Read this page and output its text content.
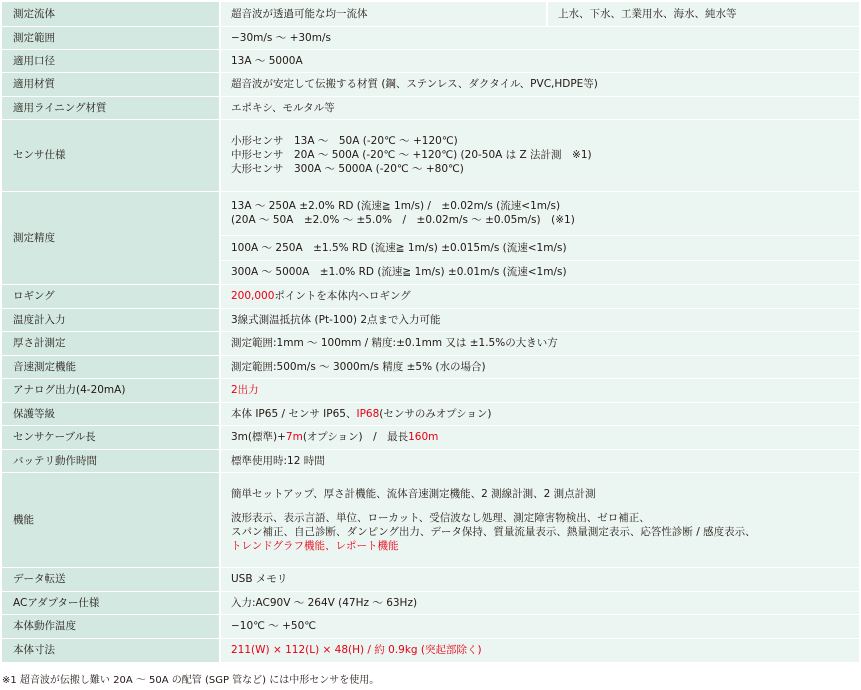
測定流体	超音波が透過可能な均一流体	上水、下水、工業用水、海水、純水等
測定範囲	−30m/s ～ +30m/s	
適用口径	13A ～ 5000A	
適用材質	超音波が安定して伝搬する材質 (鋼、ステンレス、ダクタイル、PVC,HDPE等)	
適用ライニング材質	エポキシ、モルタル等	
センサ仕様	小形センサ　13A ～　50A (-20℃ ～ +120℃)
中形センサ　20A ～ 500A (-20℃ ～ +120℃) (20-50A は Z 法計測　※1)
大形センサ　300A ～ 5000A (-20℃ ～ +80℃)	

測定精度	13A ～ 250A ±2.0% RD (流速≧ 1m/s) /　±0.02m/s (流速<1m/s)
(20A ～ 50A　±2.0% ～ ±5.0%　/　±0.02m/s ～ ±0.05m/s)　(※1)	

	100A ～ 250A　±1.5% RD (流速≧ 1m/s) ±0.015m/s (流速<1m/s)	
	300A ～ 5000A　±1.0% RD (流速≧ 1m/s) ±0.01m/s (流速<1m/s)	
ロギング	200,000ポイントを本体内へロギング	
温度計入力	3線式測温抵抗体 (Pt-100) 2点まで入力可能	
厚さ計測定	測定範囲:1mm ～ 100mm / 精度:±0.1mm 又は ±1.5%の大きい方	
音速測定機能	測定範囲:500m/s ～ 3000m/s 精度 ±5% (水の場合)	
アナログ出力(4-20mA)	2出力	
保護等級	本体 IP65 / センサ IP65、IP68(センサのみオプション)	
センサケーブル長	3m(標準)+7m(オプション)　/　最長160m	
バッテリ動作時間	標準使用時:12 時間	
機能	簡単セットアップ、厚さ計機能、流体音速測定機能、2 測線計測、2 測点計測
波形表示、表示言語、単位、ローカット、受信波なし処理、測定障害物検出、ゼロ補正、
スパン補正、自己診断、ダンピング出力、データ保持、質量流量表示、熱量測定表示、応答性診断 / 感度表示、
トレンドグラフ機能、レポート機能	

データ転送	USB メモリ	
ACアダプター仕様	入力:AC90V ～ 264V (47Hz ～ 63Hz)	
本体動作温度	−10℃ ～ +50℃	
本体寸法	211(W) × 112(L) × 48(H) / 約 0.9kg (突起部除く)	
※1 超音波が伝搬し難い 20A ～ 50A の配管 (SGP 管など) には中形センサを使用。
